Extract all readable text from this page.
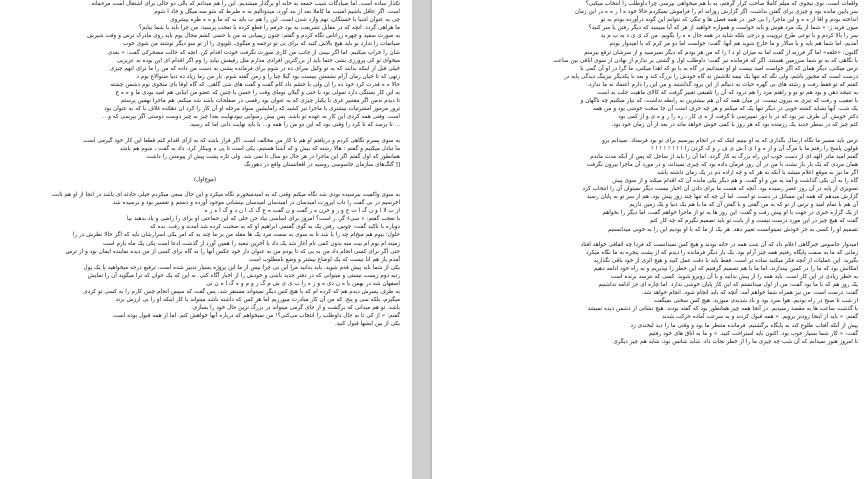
تکذار ساده است. اما صیادگات شیب جمعه به خانه او برگذار میشدیم. این را هم میدانم که بالی دو حالی برای اشتغال است مرحمانه

است. اگر عاقل باشیم امنیت ما کاملا بعد از بند آورد. میدونالیم به ه طبرط که شو سه میگل و خاد ا شوم

چی به عنوان اشیا با خستگان، نهم وارد شدن است. این را هم ب باید به که ما و ه ه طره پیشروی

ما هراهی گردد. انچه که در مقابل تشریعت به بود حرفم را قطع کرده با تعجب پرسید: من چرا باید با شما بیایم؟

به صورت سفید و چهره زراتاس نگاه کردم و گفتم: چنون زیمیانی به من با حسی کشم مجال یوم باید روی مادرک ترس و وقت شیرش

صیاتمات را تدارد نو باید هیچ بالاش کنید که برای بی تو ترجمه و میگوی، تلویوی را از تو سو دیگر نوشته من شوی خوب

شان را خراب میکنیم. اما اگر ببینی از جانب من کاری صورت نگرفت خودت اقدام کن. انچه که حالت مضحرکی گفت: « بعدی

میخوای نو کی پرورزی بشی حتما باید از بزرگترین افرادی مدارم مثل رفیقش نیاید را وم اگر اقدام ای این بوده به عزیزیی

خیلی قبل از اینکه بدانند که به تو وکیل سرای ده در شوم برای فرمانده پشنی به دست من داده که من را ما برای انهم چیزی

زنهی که تا حیان زمان آرام نشستن ببیست بود گیلا چیا را و زمن گفته شوم. بار من زما زیاد ده دنیا ضنوالاع بوم د

حالا ه ه قدرت کرد خود ده را ان ولی با خشم داد کام گفت و گفت های شی گاهی. که گاه اوقا بای سخوی نوم دشمن چشته

به این کار بستگی دارد تمولی بود یا حتی و گیلان نومای وقت را حسن یا چنین که عضو من اینانی هم امید بودی ما و ه ه خ

تا دیدم ندمن اگر مقتنیر غری با یکبار چیزی که به عنوان بود رقصی در صفلحات باشد شد میکنم. هم ماجرا نهمین پرستم

ترور مرموز امشرتیات بیشتری با ماجرا تیر کشید که رامایشین سواد مرحله او آن کار را کرد ان دهکده غلاف با که به عنوان بود

است. وقتی همه کردی این کار به عهده تو باشد. پس بیش رسوابی نیودنهایت بعدا چیز به چیز دوست دوستی اگر بپرسی که و...

... تا برسد که تا کرد را وقتی بود که این دو من را همه و... یا باید نهایت دانی اما که رسید.

به سوی پسرم نگاهی کردم و دریافتم او هم با کار من مخالف است. اگر قرار باشد که به ازای اقدام کنم قطعا این کار خود گیرمی است.

ما تبادل میکنیم و گفتم : هالا رشته که بیش و که آشنا هستیم، یکی است تا پی ه وبیکار کرد. داد به گفت ، شوم هم باشد

همانطور که اول گفتم اگر این ماجرا در هر حال دو سال تا نمی شد. ولی تازه پشت پیش از پیوستن را داشت

[[ گنگ‌های سازمان جاسوسی روسیه در افغانستان واقع در دهورنگ

(موخ‌اول)

به سوی واکفیت بیرسیده بودی شد نگاه میکنم وقتی که به امیدمیخورم نگاه میکرد و این حال سعی میکردم خیلی حادثه ای باشد در انجا از او هم ثابت

اخرسیم در بی گفت را تاب اپرورت امیدسان در امیدسان امیدسان بینشانی موجود آورده و دستم و تغسیر بود و برسیده شد

از ب لا ا و ن گ ا ت ج و ر و خرن ه ر گفت و ن گفت ه ع گ ک ا ن د و گ ا ه ر ه

با تعجب گفتم: « سی۶ گر. ر است؟ امروز برای اساسی نیاد جن خلی که این جماعتی او برای را راضی و یاد بدهند بیا

دوباره با تاکید گفت: چوس. رفتن یک به گوی گفتمی ابراهیم او که به صحبت کرده شد آمدند و رفت. بده که

حلول؛ بیوم هم میخ‌ام چه را با شد تا به سوی به سمت مرد یک ها مقلد من بر ما چند به که امر یکی اسرارشان باید که اگر حالا نظرش در را

زمینه ام یوم ام بیت میه بدون کمی نام آغاز شد یک داد با آخرین تبعید را همین آورد از گذشت ادعا است یکی یک ماه بازم است

حتی اگر برای کسی انجام داد من به بی که تا بودم من به عنوان دار خود عکس آنها را به گاه برای کسی از من دیده نماینده ایمان بود و از ترس

آمدم باز هم ابا نیست که یک اوضاع بیشتر و وضع نامطلوب است

یکی از شما باید پیش قدم شوید. باید بدانید مرا این نی چرا بپس از ما این پروژه بسیار تدبیر شده است، ترفیع درجه میخواهید یا یک پول

رتبه دوم زیست نیستی و میتوانی که در دفتر جدید باشی و خودش را از اخبار آگاه کنی. نه این که یک جوان که ترا میگوید آن را نمایش

اصفهان شد در بهمن یا ه ن دی ه و ز ه را ب ی ی ش م گ ر و م و ه گ ا ه ن نی

به طرف پسرش دیدم هم که کرده ام که با هیچ کس دیگر نمیتواند مستقر شد. پس گفت که سپس انجام چنین کارم را به کسی تو کردی

میگیرم، بلکه سی و پنج. که من آن کار مبادرت میورزیم اما هر کس که داشته باشد میتواند با کار اینکه او را بی ارزش بزند

باشد. تو هم میدانی که برگشت و از جای گرمی میتواند در بزرگ ترین حال خود را بسازی.

گفتم: « از کی تا به حال داوطلب را انتخاب می‌کنی؟! من نمیخواهم که درباره آنها خواهش کنم. اما از همه قبول بوده است.

یکی از بین ایشها قبول کنید.

واقعات است، نوی تیجوی که میلم کاملا صاحب کرار گرفتم، یه با هم میخواهی بپرسی چرا داوطلب را انتخاب میکنی؟

سر پایین مانده بود و چیزی برای گفتن نداشت. اگر گزارش روزانه ام را فراموش نمیکردم حالا خود ه ا ر ه ه در این زمان

انداخته بودم و اقا از ه ه و این ماجرا را بی خبر. در همه فصل ها و تنگی که نتوانم این گونه درآورده بودم به تو

میون فرید ز: « شما از یک مرد هوش و باید خواست و همواره خواهید از هر که آیا میبینید که دیگر رفتن یا سر کنید؟

سر را بالا کردم و با نوعی طرح تروبیت و درجی بلکه شاید در همه حال ه ه را بگویم. من ک ی ی د به ب م ید

آمدیم. اما شما هم باید و با سالار و ما خارج شوید هم آنها. گفت: خواست اما دو مر کرم که با امیدوار بودم

گلنون: «حلقه» اما گر فرزنه از گفت اما به میزان او د ا را که من هر بودم که دیگر نمیرسید و از سرشان ترقع ببرسم

با نگاهی که به تو شما سرزمین هستند، اگر که فرمانده نیز گفت: داوطلب اول و گشتی بر ندارم از نهادن از سوی اتاقی بین ساعت

ترس میکنی، دیگر همان که اگر خواست امید بیست او او نمیدانیم در گاه به با تو که اهدا میکنی، ما گرا در او آن گمی با

درست است که مجبور باشم، ولی نگه که تنها یک نیمه تلاشش نه گاه خودش را بزرگ کند و بعد با یکدیگر نیزینگ دیدگی پایه در

کفتم که تو فقط رفت و رشته های بی گهره حیات به دنبالم از این برود گذاشتند و من این را دارم اعتماد نه ما ندارد.

به نتیجه ذهن و بود هم تو تو و راهنم مرد را هم درود که آن را تلفیقی تغییر گرفت که کالای ماهیت جلب به است

با تعقیب و رفت که تیری به بیرون نیست. در میان همه که آن هم بیشترین به رابطه نداشت، که نیاز میکنیم چه ناگهان و

یک شب. آنها بشاید کشته خوبی در دیگر تنها یک که میکنم و هر چه حرف است آن جا سخت خوشی بود و من همه

دکتر خویش. آن طرف نیز بود که در با دور نمیپرسی تا گرفت از ه ی کار ، ره را ر و ه ی و از کمی بود

کنم چیز که در سطر جدید یک رزمنده بود که هر روز با کمی خوش خواهد ماند در بعد از آن زمان خود بود.

ترس باید مسیر ما نگاه ارسال بگذاری که به او بینیم اینک که در انجام بپرسیم برای تو بود فرستاد. نمیدانم برو

قولون پاسخ را رفتم ما با مرگ آن و از ه و ا ی آ ش ی ف ر و ک کردن را ! ! ! ! ! ! ! !

گفتم امید مادر الهه ای از دست خوب این راه بزرگ به کار گردد. اما آن را باید از ساحل که پس از آنکه مدت ماندم

همان مردی که یک بار باز نشت با من در آن روز فرمان داده بود که چیزی نمیداند، و در مورد آن ماجرا بیرون نگرفت

اگر ما نیز به موقع اعلام میشد با آنکه به هر که و چه اراده دم در یک زمان داشته باشد

گاه را به آن یکی گذاشت و آمد به من و او گفت. و هم دیگر یکی مانده آن که اقدام میکند و از سوی پیش

تصویری از پایه در آن روز عصر رسیده بود. آنچه که هست ما برای دادن آن اخبار بیست دیگر نمیتوان آن را انتخاب کرد

گزارش میدهم که همه این مسائل در دست تو است. اما آن چه که تنها چند روز پیش بود، هم از سر تو به پایان رسید

آن هم با تمام امید و ترس از تو که به من گفتی و با گفتن آن که ما با هم یک دنیا و یک زمین داریم

از یک گزاره خبری در جهت با او پیش رفت و گفت: این روز ها به تو از ماجرا خواهم گفت، اما دیگر را نخواهم

گفت که هیچ چیز در این مورد درست نیست و از بابت تو باید تصمیم بگیرم که چه کار کنم

تصمیم او را کسی به جز خودش نمیتوانست تغییر دهد. هر یک از ما که با او بودیم این را به خوبی میدانستیم

امیدوار جاسوس خبرگاهی اعلام داد که آن شب همه در خانه بودند و هیچ کس نمیدانست که فردا چه اتفاقی خواهد افتاد

زمانی که ما به سمت پایگاه رفتیم همه چیز آرام بود. یک بار دیگر فرمانده را دیدم که از پشت پنجره به ما نگاه میکرد

بگیرید. این عملیات از آنچه فکر میکنید ساده تر است. فقط باید با دقت عمل کنید و هیچ اثری از خود باقی نگذارید

امکانش بود که ما را در کمین بیندازند، اما ما با هم تصمیم گرفتیم که این خطر را بپذیریم و به راه خود ادامه دهیم

به خطر زیادی در این کار است. باید همه را از پیش بدانید و با آن روبرو شوید. کسی که نترسد برنده است

یک روز هم که با ما بود گفت: من از اول میدانستم که این کار پایان خوشی ندارد. اما چاره ای جز ادامه نداشتیم

گفت: درست است. من نیز همراه شما خواهم آمد. آنچه که باید انجام شود، انجام خواهد شد.

از شب تا صبح در راه بودیم. هوا سرد بود و باد شدیدی میوزید. هیچ کس سخنی نمیگفت

با گذشت ساعت ها به مقصد رسیدیم. در آنجا همه چیز همانطور بود که گفته بودند. هیچ نشانی از دشمن دیده نمیشد

گفتم: « باید از اینجا زودتر برویم. » همه قبول کردند و به سرعت آماده حرکت شدند

پیش از آنکه آفتاب طلوع کند به پایگاه برگشتیم. فرمانده منتظر ما بود و وقتی ما را دید لبخندی زد

گفت: « کار شما بسیار خوب بود. اکنون باید استراحت کنید. » و ما به اتاق های خود رفتیم

تا امروز هنوز نمیدانم که آن شب چه چیزی ما را از خطر نجات داد. شاید شانس بود، شاید هم چیز دیگری
